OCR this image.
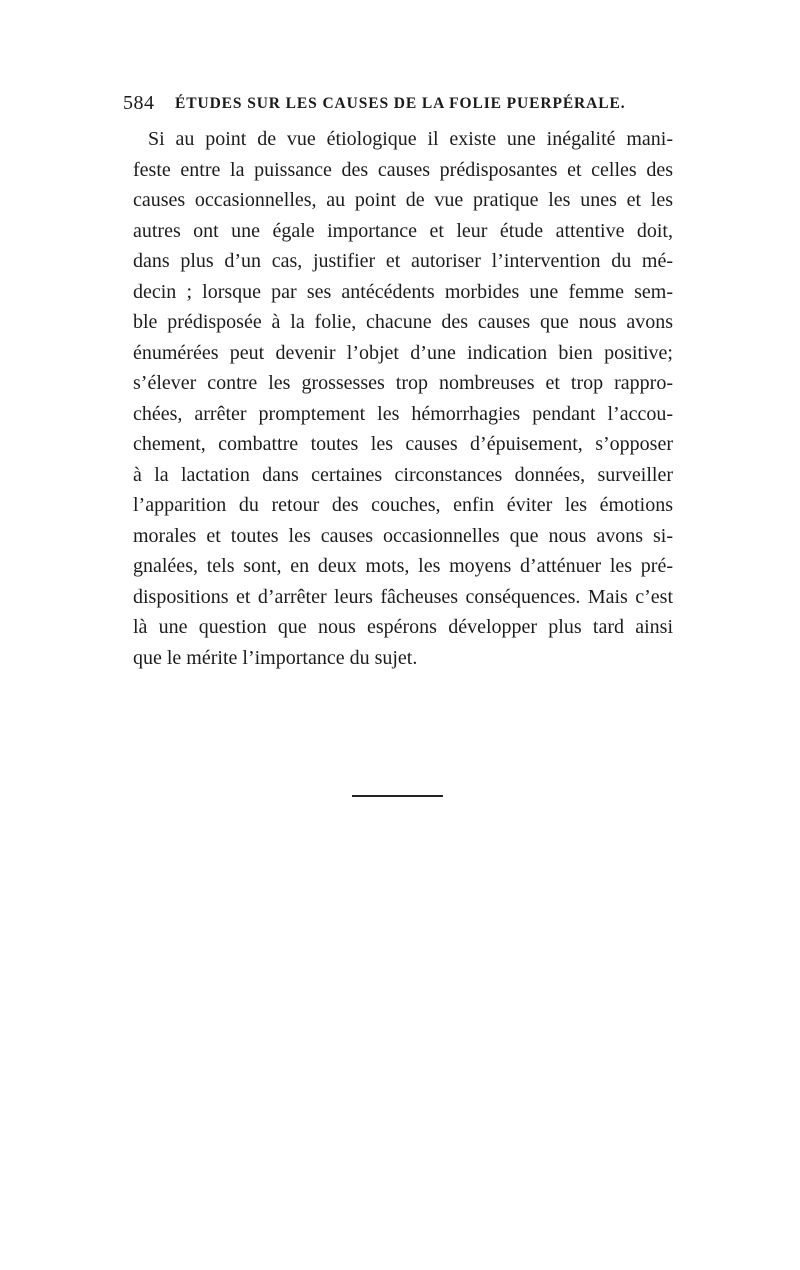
584 ÉTUDES SUR LES CAUSES DE LA FOLIE PUERPÉRALE.
Si au point de vue étiologique il existe une inégalité mani-
feste entre la puissance des causes prédisposantes et celles des
causes occasionnelles, au point de vue pratique les unes et les
autres ont une égale importance et leur étude attentive doit,
dans plus d’un cas, justifier et autoriser l’intervention du mé-
decin ; lorsque par ses antécédents morbides une femme sem-
ble prédisposée à la folie, chacune des causes que nous avons
énumérées peut devenir l’objet d’une indication bien positive;
s’élever contre les grossesses trop nombreuses et trop rappro-
chées, arrêter promptement les hémorrhagies pendant l’accou-
chement, combattre toutes les causes d’épuisement, s’opposer
à la lactation dans certaines circonstances données, surveiller
l’apparition du retour des couches, enfin éviter les émotions
morales et toutes les causes occasionnelles que nous avons si-
gnalées, tels sont, en deux mots, les moyens d’atténuer les pré-
dispositions et d’arrêter leurs fâcheuses conséquences. Mais c’est
là une question que nous espérons développer plus tard ainsi
que le mérite l’importance du sujet.
